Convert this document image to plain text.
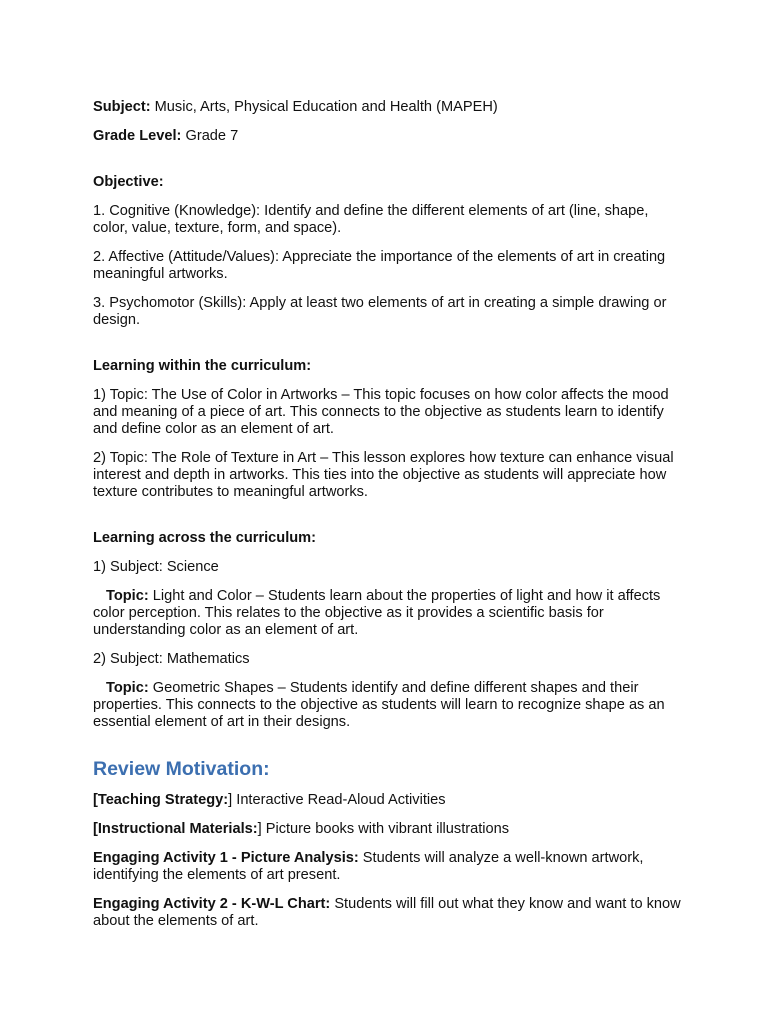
Subject: Music, Arts, Physical Education and Health (MAPEH)

Grade Level: Grade 7

Objective:

1. Cognitive (Knowledge): Identify and define the different elements of art (line, shape, color, value, texture, form, and space).

2. Affective (Attitude/Values): Appreciate the importance of the elements of art in creating meaningful artworks.

3. Psychomotor (Skills): Apply at least two elements of art in creating a simple drawing or design.

Learning within the curriculum:

1) Topic: The Use of Color in Artworks – This topic focuses on how color affects the mood and meaning of a piece of art. This connects to the objective as students learn to identify and define color as an element of art.

2) Topic: The Role of Texture in Art – This lesson explores how texture can enhance visual interest and depth in artworks. This ties into the objective as students will appreciate how texture contributes to meaningful artworks.

Learning across the curriculum:

1) Subject: Science

Topic: Light and Color – Students learn about the properties of light and how it affects color perception. This relates to the objective as it provides a scientific basis for understanding color as an element of art.

2) Subject: Mathematics

Topic: Geometric Shapes – Students identify and define different shapes and their properties. This connects to the objective as students will learn to recognize shape as an essential element of art in their designs.

Review Motivation:

[Teaching Strategy:] Interactive Read-Aloud Activities

[Instructional Materials:] Picture books with vibrant illustrations

Engaging Activity 1 - Picture Analysis: Students will analyze a well-known artwork, identifying the elements of art present.

Engaging Activity 2 - K-W-L Chart: Students will fill out what they know and want to know about the elements of art.
